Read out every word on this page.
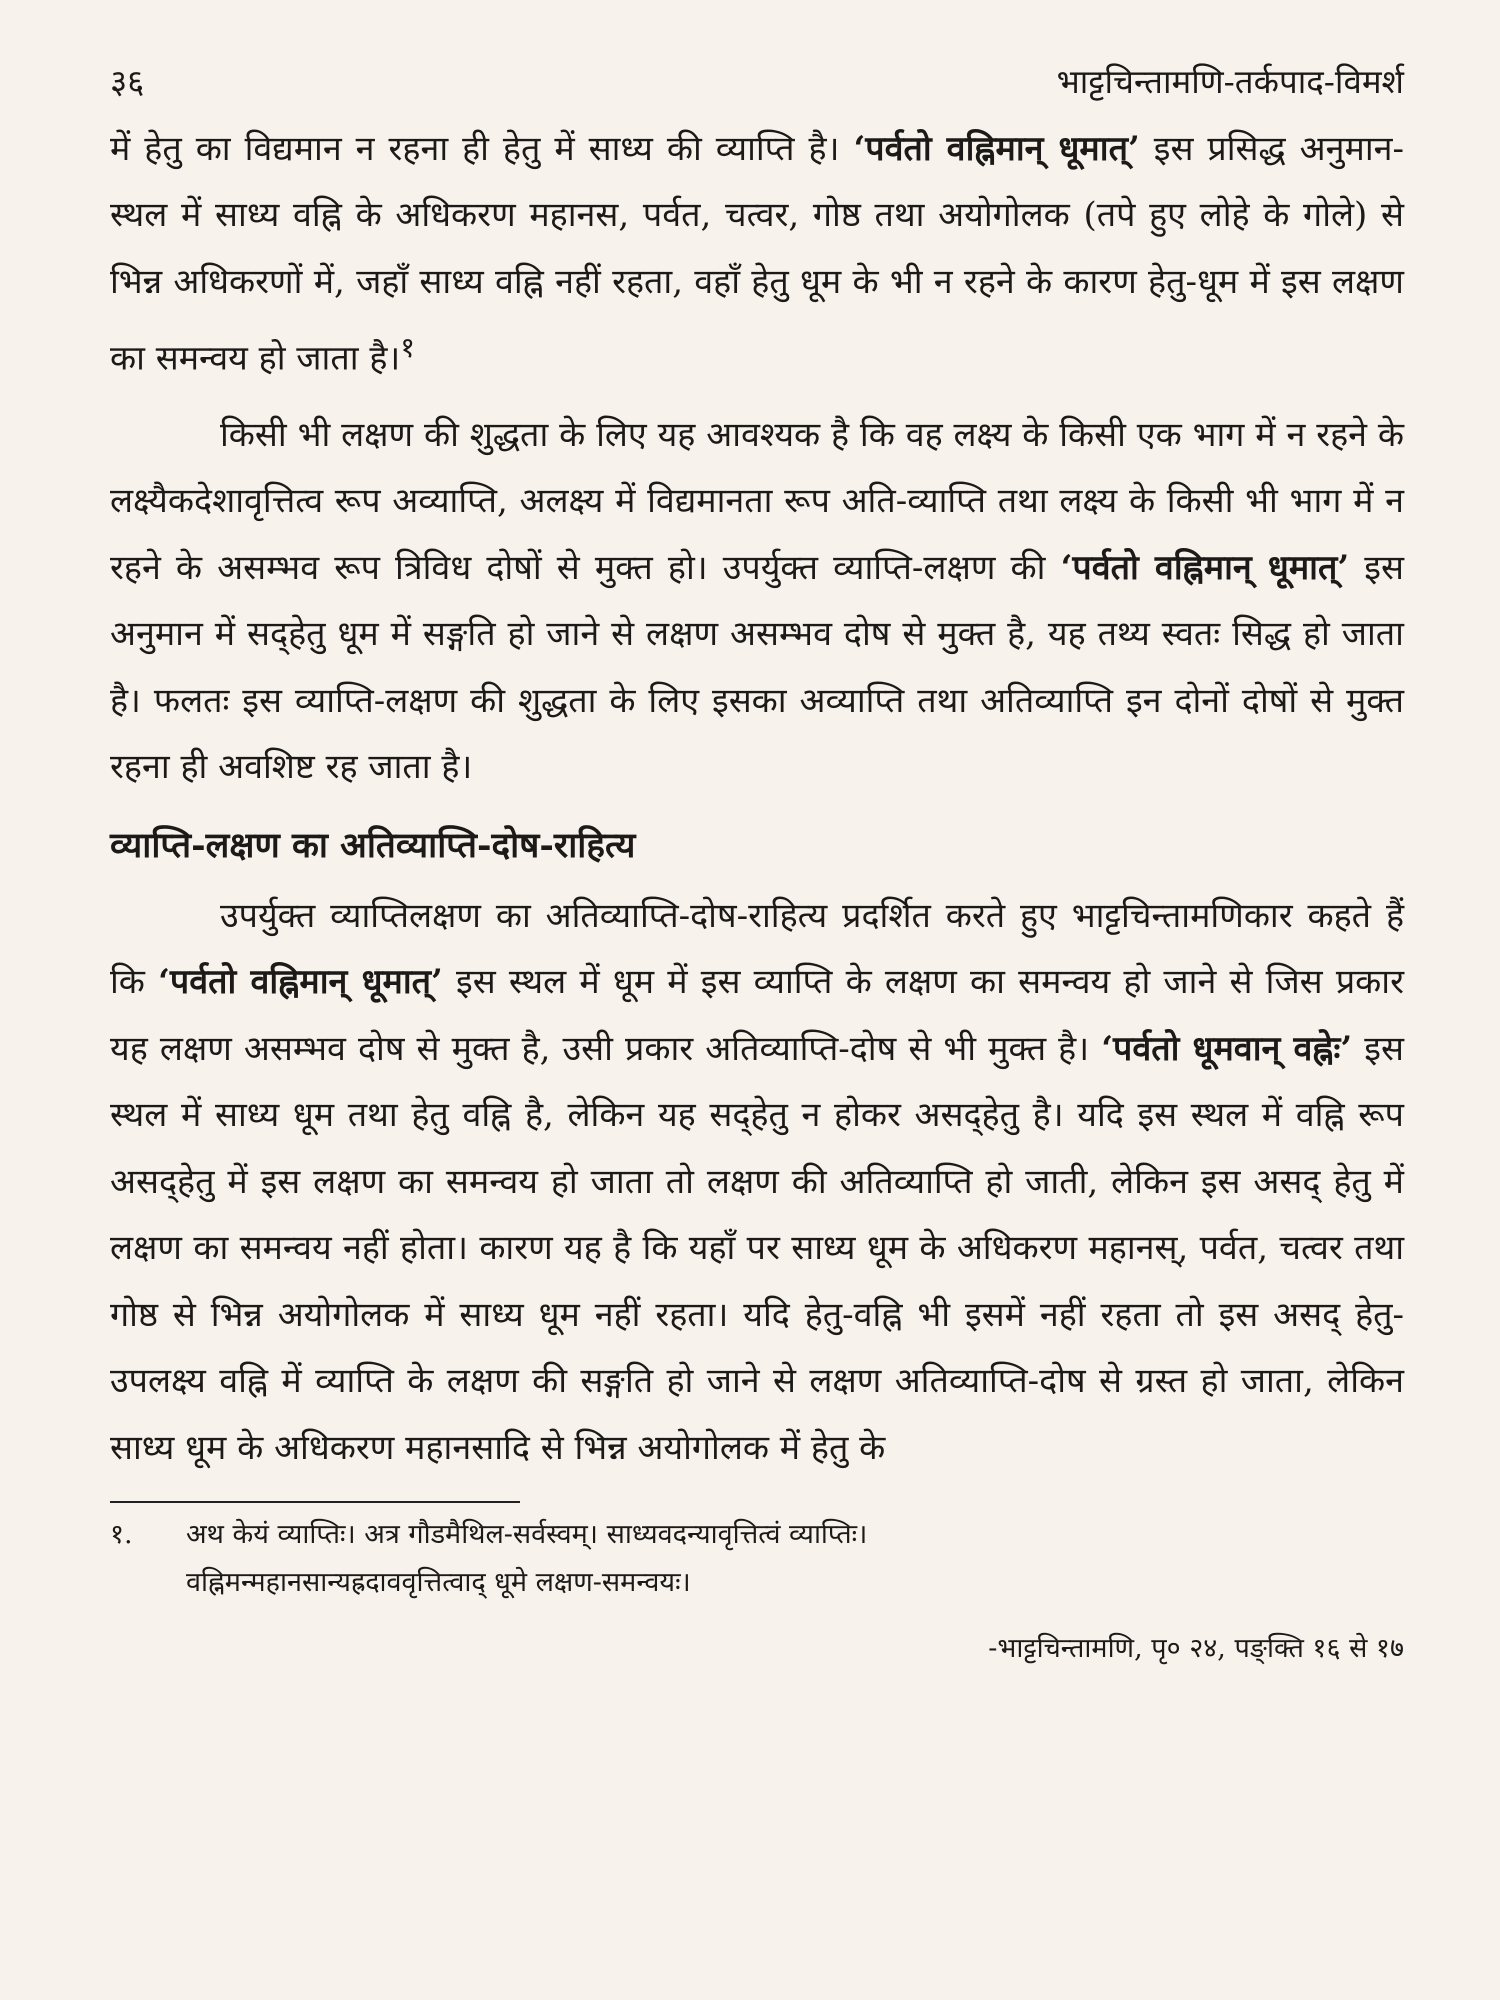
३६	भाट्टचिन्तामणि-तर्कपाद-विमर्श

में हेतु का विद्यमान न रहना ही हेतु में साध्य की व्याप्ति है। ‘पर्वतो वह्निमान् धूमात्’ इस प्रसिद्ध अनुमान-स्थल में साध्य वह्नि के अधिकरण महानस, पर्वत, चत्वर, गोष्ठ तथा अयोगोलक (तपे हुए लोहे के गोले) से भिन्न अधिकरणों में, जहाँ साध्य वह्नि नहीं रहता, वहाँ हेतु धूम के भी न रहने के कारण हेतु-धूम में इस लक्षण का समन्वय हो जाता है।$^१$

किसी भी लक्षण की शुद्धता के लिए यह आवश्यक है कि वह लक्ष्य के किसी एक भाग में न रहने के लक्ष्यैकदेशावृत्तित्व रूप अव्याप्ति, अलक्ष्य में विद्यमानता रूप अति-व्याप्ति तथा लक्ष्य के किसी भी भाग में न रहने के असम्भव रूप त्रिविध दोषों से मुक्त हो। उपर्युक्त व्याप्ति-लक्षण की ‘पर्वतो वह्निमान् धूमात्’ इस अनुमान में सद्हेतु धूम में सङ्गति हो जाने से लक्षण असम्भव दोष से मुक्त है, यह तथ्य स्वतः सिद्ध हो जाता है। फलतः इस व्याप्ति-लक्षण की शुद्धता के लिए इसका अव्याप्ति तथा अतिव्याप्ति इन दोनों दोषों से मुक्त रहना ही अवशिष्ट रह जाता है।

व्याप्ति-लक्षण का अतिव्याप्ति-दोष-राहित्य

उपर्युक्त व्याप्तिलक्षण का अतिव्याप्ति-दोष-राहित्य प्रदर्शित करते हुए भाट्टचिन्तामणिकार कहते हैं कि ‘पर्वतो वह्निमान् धूमात्’ इस स्थल में धूम में इस व्याप्ति के लक्षण का समन्वय हो जाने से जिस प्रकार यह लक्षण असम्भव दोष से मुक्त है, उसी प्रकार अतिव्याप्ति-दोष से भी मुक्त है। ‘पर्वतो धूमवान् वह्नेः’ इस स्थल में साध्य धूम तथा हेतु वह्नि है, लेकिन यह सद्हेतु न होकर असद्हेतु है। यदि इस स्थल में वह्नि रूप असद्हेतु में इस लक्षण का समन्वय हो जाता तो लक्षण की अतिव्याप्ति हो जाती, लेकिन इस असद् हेतु में लक्षण का समन्वय नहीं होता। कारण यह है कि यहाँ पर साध्य धूम के अधिकरण महानस्, पर्वत, चत्वर तथा गोष्ठ से भिन्न अयोगोलक में साध्य धूम नहीं रहता। यदि हेतु-वह्नि भी इसमें नहीं रहता तो इस असद् हेतु-उपलक्ष्य वह्नि में व्याप्ति के लक्षण की सङ्गति हो जाने से लक्षण अतिव्याप्ति-दोष से ग्रस्त हो जाता, लेकिन साध्य धूम के अधिकरण महानसादि से भिन्न अयोगोलक में हेतु के

१.	अथ केयं व्याप्तिः। अत्र गौडमैथिल-सर्वस्वम्। साध्यवदन्यावृत्तित्वं व्याप्तिः।
वह्निमन्महानसान्यह्रदाववृत्तित्वाद् धूमे लक्षण-समन्वयः।
-भाट्टचिन्तामणि, पृ० २४, पङ्क्ति १६ से १७
